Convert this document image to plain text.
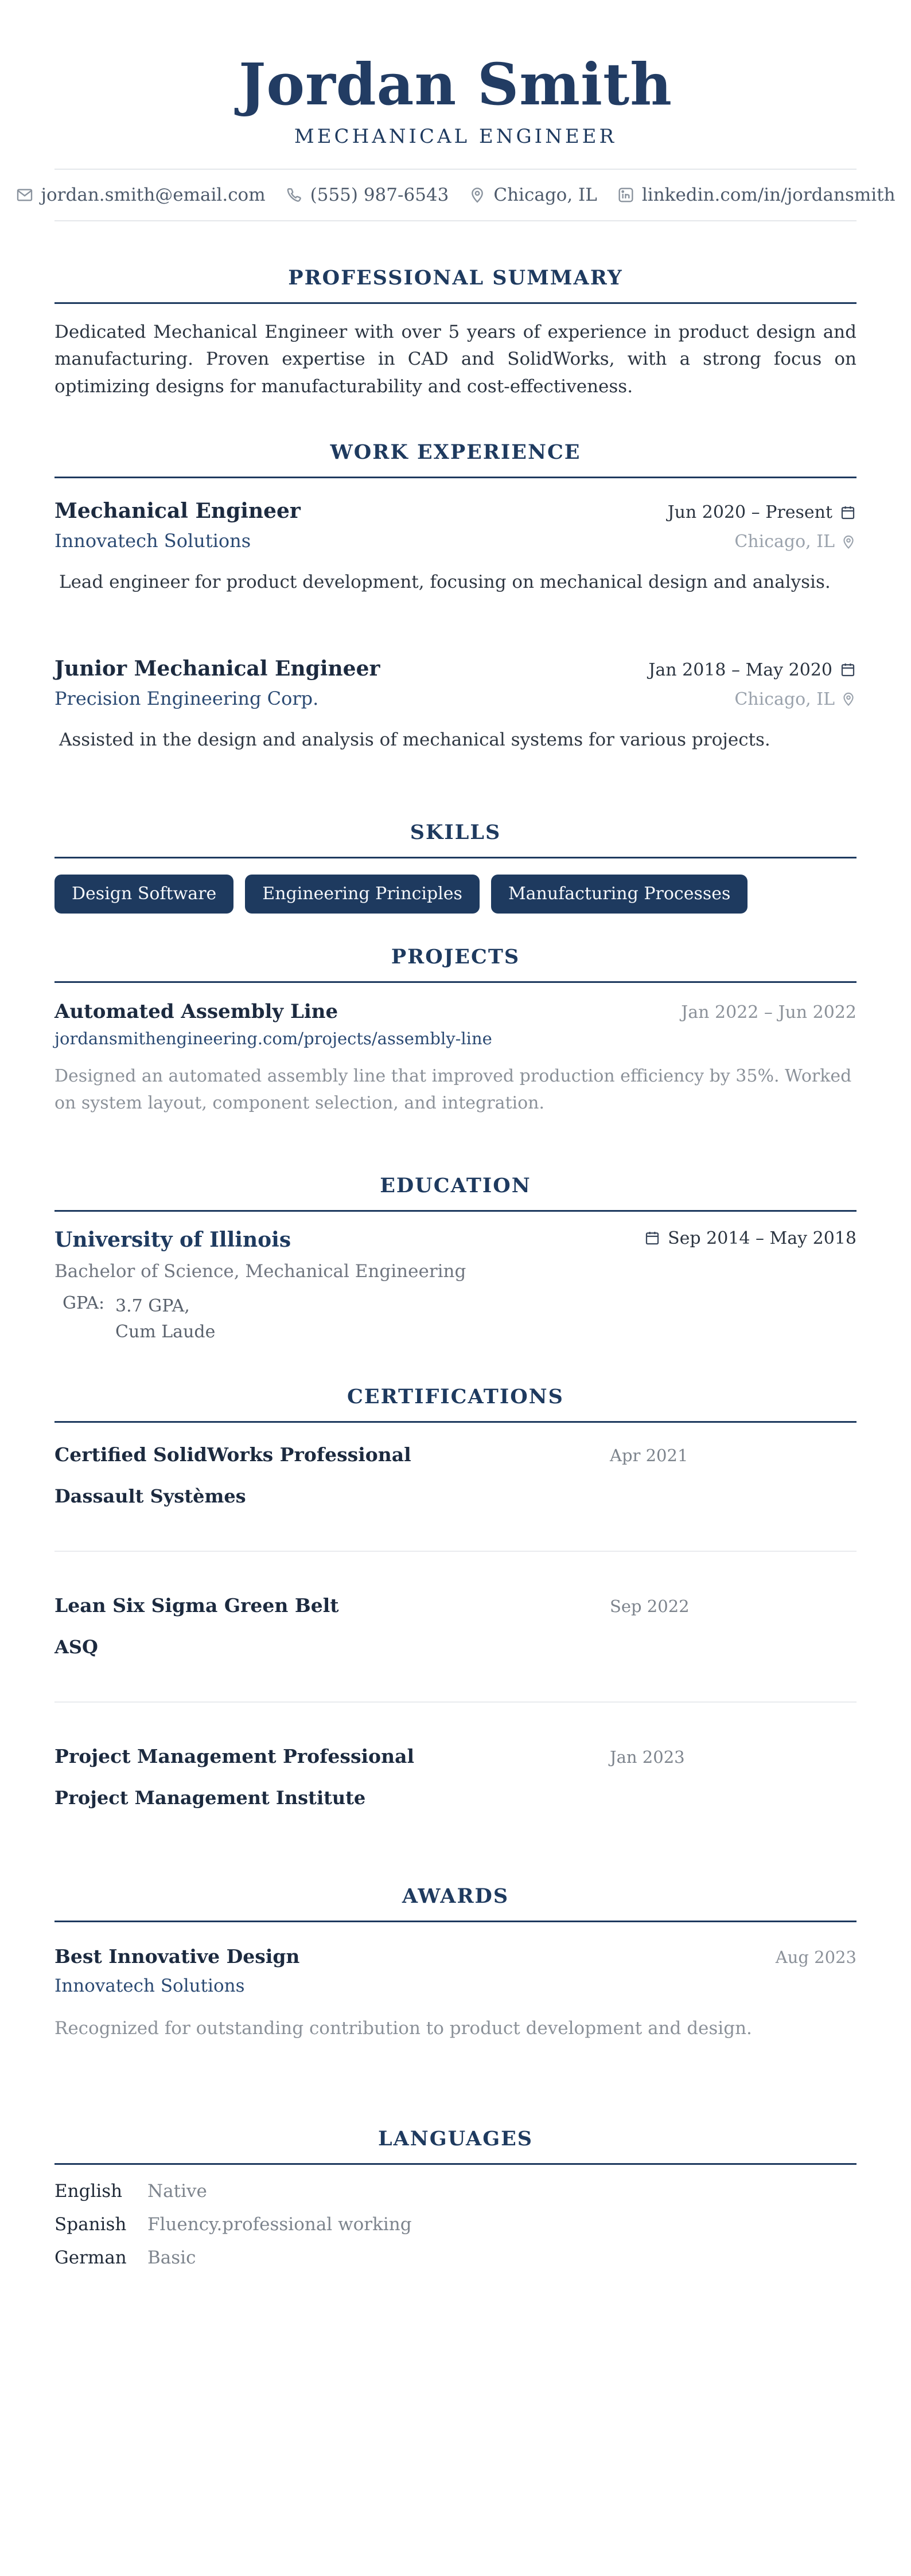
Jordan Smith
MECHANICAL ENGINEER
jordan.smith@email.com	(555) 987-6543	Chicago, IL	linkedin.com/in/jordansmith
PROFESSIONAL SUMMARY

Dedicated Mechanical Engineer with over 5 years of experience in product design and manufacturing. Proven expertise in CAD and SolidWorks, with a strong focus on optimizing designs for manufacturability and cost-effectiveness.

WORK EXPERIENCE
Mechanical Engineer	Jun 2020 – Present
Innovatech Solutions	Chicago, IL
Lead engineer for product development, focusing on mechanical design and analysis.
Junior Mechanical Engineer	Jan 2018 – May 2020
Precision Engineering Corp.	Chicago, IL
Assisted in the design and analysis of mechanical systems for various projects.
SKILLS
Design Software	Engineering Principles	Manufacturing Processes
PROJECTS
Automated Assembly Line	Jan 2022 – Jun 2022
jordansmithengineering.com/projects/assembly-line
Designed an automated assembly line that improved production efficiency by 35%. Worked on system layout, component selection, and integration.
EDUCATION
University of Illinois	Sep 2014 – May 2018
Bachelor of Science, Mechanical Engineering
GPA: 3.7 GPA,
Cum Laude
CERTIFICATIONS
Certified SolidWorks Professional	Apr 2021
Dassault Systèmes
Lean Six Sigma Green Belt	Sep 2022
ASQ
Project Management Professional	Jan 2023
Project Management Institute
AWARDS
Best Innovative Design	Aug 2023
Innovatech Solutions
Recognized for outstanding contribution to product development and design.
LANGUAGES
English	Native
Spanish	Fluency.professional working
German	Basic
